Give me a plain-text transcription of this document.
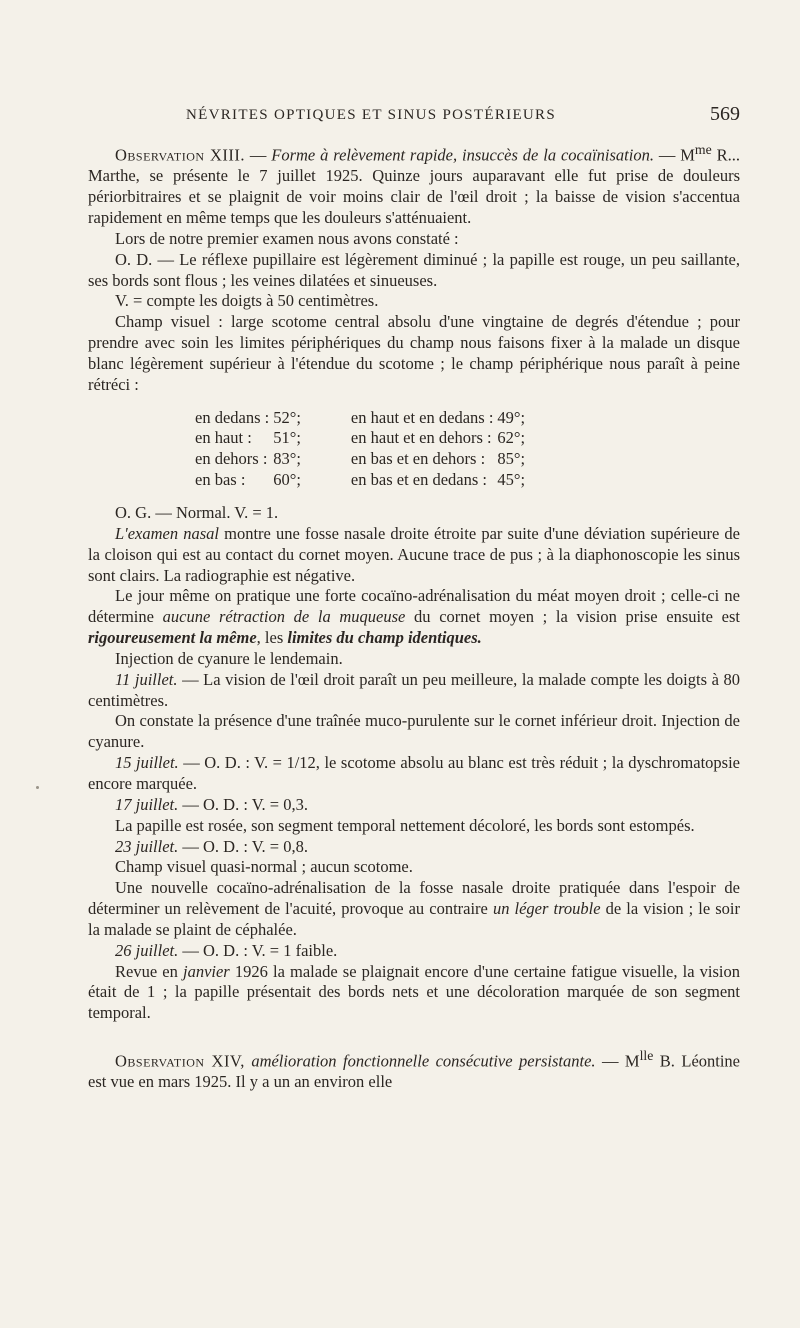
NÉVRITES OPTIQUES ET SINUS POSTÉRIEURS	569

Observation XIII. — Forme à relèvement rapide, insuccès de la cocaïnisation. — $M^{me}$ R... Marthe, se présente le 7 juillet 1925. Quinze jours auparavant elle fut prise de douleurs périorbitraires et se plaignit de voir moins clair de l'œil droit ; la baisse de vision s'accentua rapidement en même temps que les douleurs s'atténuaient.

Lors de notre premier examen nous avons constaté :

O. D. — Le réflexe pupillaire est légèrement diminué ; la papille est rouge, un peu saillante, ses bords sont flous ; les veines dilatées et sinueuses.

V. = compte les doigts à 50 centimètres.

Champ visuel : large scotome central absolu d'une vingtaine de degrés d'étendue ; pour prendre avec soin les limites périphériques du champ nous faisons fixer à la malade un disque blanc légèrement supérieur à l'étendue du scotome ; le champ périphérique nous paraît à peine rétréci :

en dedans :	52°;	en haut et en dedans :	49°;
en haut :	51°;	en haut et en dehors :	62°;
en dehors :	83°;	en bas et en dehors :	85°;
en bas :	60°;	en bas et en dedans :	45°;

O. G. — Normal. V. = 1.

L'examen nasal montre une fosse nasale droite étroite par suite d'une déviation supérieure de la cloison qui est au contact du cornet moyen. Aucune trace de pus ; à la diaphonoscopie les sinus sont clairs. La radiographie est négative.

Le jour même on pratique une forte cocaïno-adrénalisation du méat moyen droit ; celle-ci ne détermine aucune rétraction de la muqueuse du cornet moyen ; la vision prise ensuite est rigoureusement la même, les limites du champ identiques.

Injection de cyanure le lendemain.

11 juillet. — La vision de l'œil droit paraît un peu meilleure, la malade compte les doigts à 80 centimètres.

On constate la présence d'une traînée muco-purulente sur le cornet inférieur droit. Injection de cyanure.

15 juillet. — O. D. : V. = 1/12, le scotome absolu au blanc est très réduit ; la dyschromatopsie encore marquée.

17 juillet. — O. D. : V. = 0,3.

La papille est rosée, son segment temporal nettement décoloré, les bords sont estompés.

23 juillet. — O. D. : V. = 0,8.

Champ visuel quasi-normal ; aucun scotome.

Une nouvelle cocaïno-adrénalisation de la fosse nasale droite pratiquée dans l'espoir de déterminer un relèvement de l'acuité, provoque au contraire un léger trouble de la vision ; le soir la malade se plaint de céphalée.

26 juillet. — O. D. : V. = 1 faible.

Revue en janvier 1926 la malade se plaignait encore d'une certaine fatigue visuelle, la vision était de 1 ; la papille présentait des bords nets et une décoloration marquée de son segment temporal.

Observation XIV, amélioration fonctionnelle consécutive persistante. — $M^{lle}$ B. Léontine est vue en mars 1925. Il y a un an environ elle
